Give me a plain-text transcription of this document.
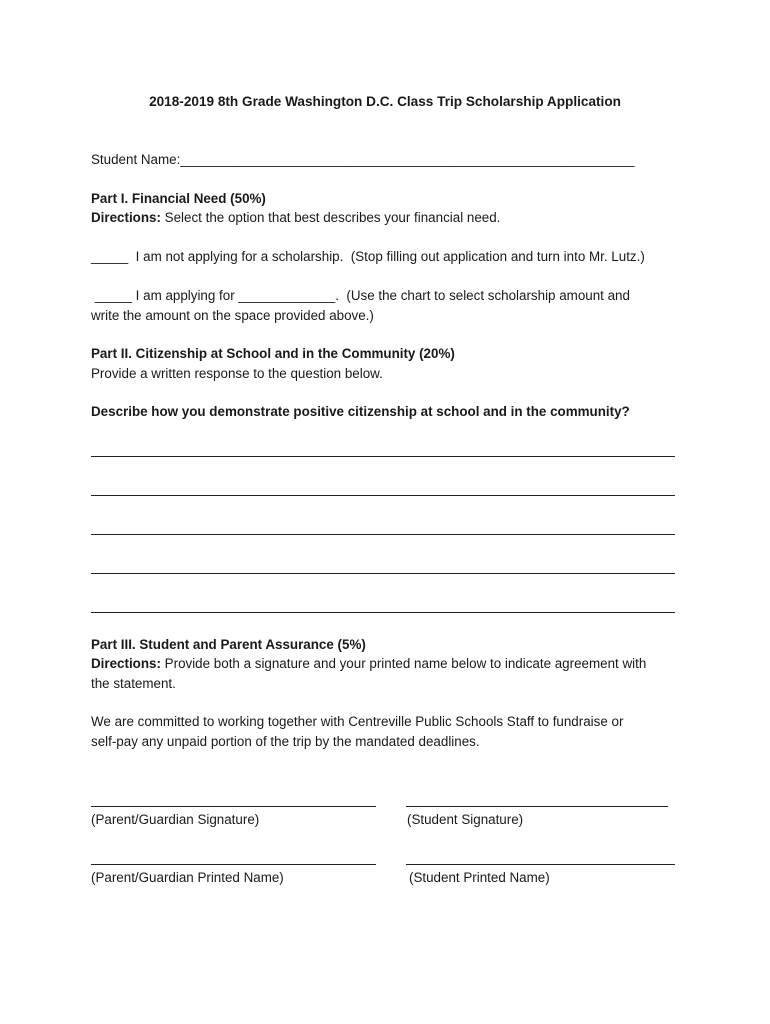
2018-2019 8th Grade Washington D.C. Class Trip Scholarship Application
Student Name:_____________________________________________________________
Part I. Financial Need (50%)
Directions: Select the option that best describes your financial need.
_____  I am not applying for a scholarship.  (Stop filling out application and turn into Mr. Lutz.)
_____ I am applying for _____________.  (Use the chart to select scholarship amount and
write the amount on the space provided above.)
Part II. Citizenship at School and in the Community (20%)
Provide a written response to the question below.
Describe how you demonstrate positive citizenship at school and in the community?
Part III. Student and Parent Assurance (5%)
Directions: Provide both a signature and your printed name below to indicate agreement with
the statement.
We are committed to working together with Centreville Public Schools Staff to fundraise or
self-pay any unpaid portion of the trip by the mandated deadlines.
(Parent/Guardian Signature)	(Student Signature)
(Parent/Guardian Printed Name)	(Student Printed Name)
